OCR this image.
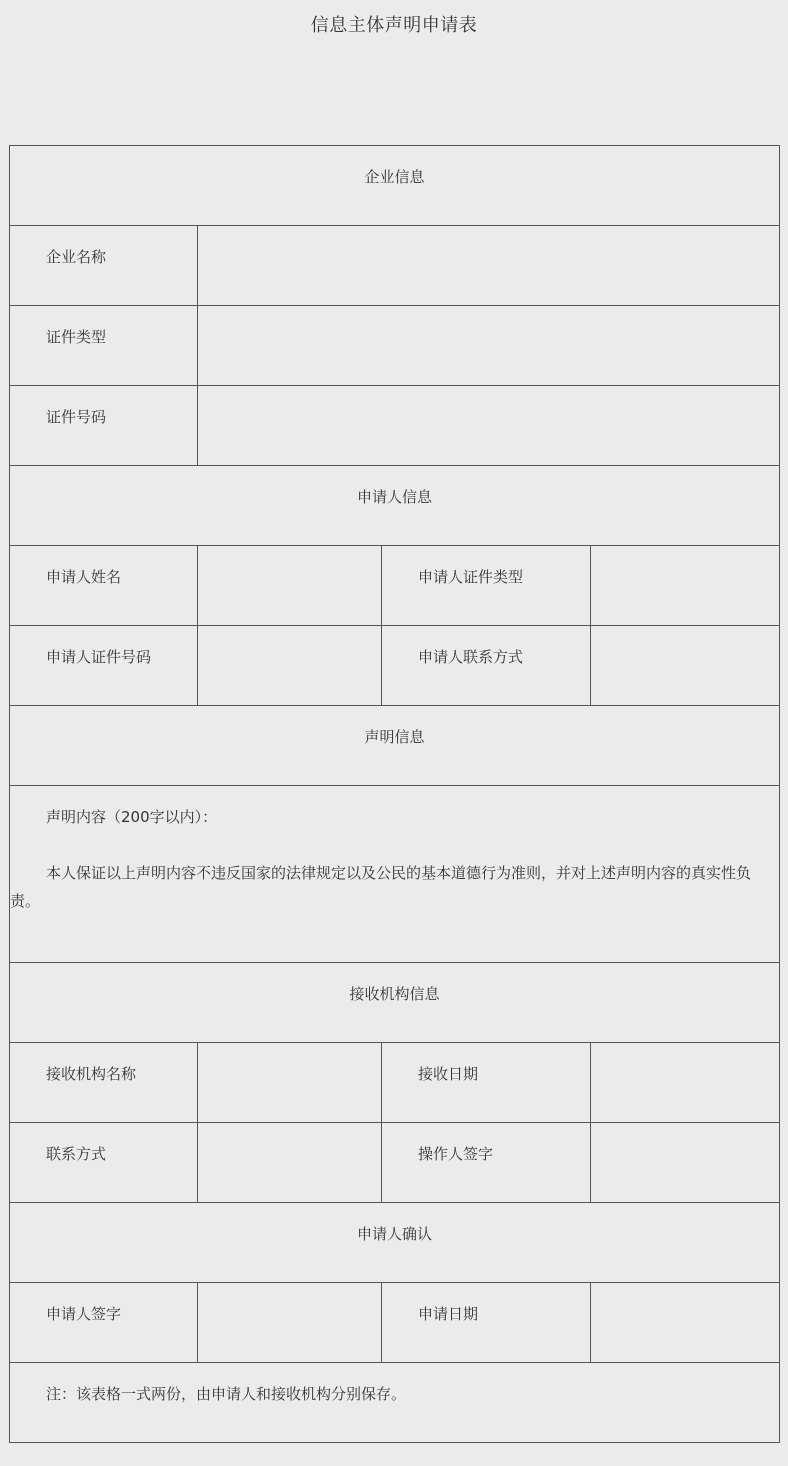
信息主体声明申请表
企业信息			
企业名称			
证件类型			
证件号码			
申请人信息			
申请人姓名		申请人证件类型	
申请人证件号码		申请人联系方式	
声明信息			

声明内容（200字以内）：
本人保证以上声明内容不违反国家的法律规定以及公民的基本道德行为准则，并对上述声明内容的真实性负责。			

接收机构信息			
接收机构名称		接收日期	
联系方式		操作人签字	
申请人确认			
申请人签字		申请日期	
注：该表格一式两份，由申请人和接收机构分别保存。			
